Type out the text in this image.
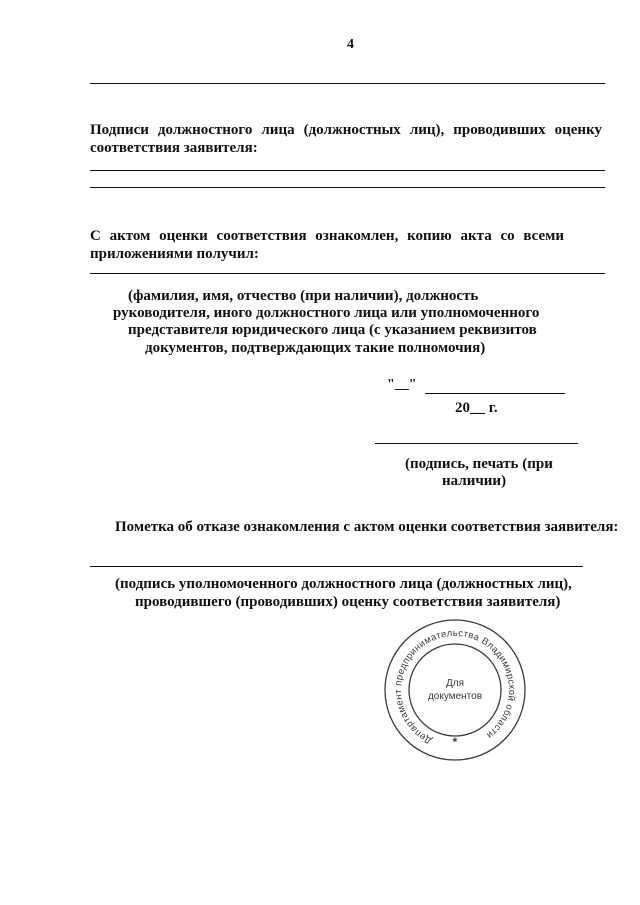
4
Подписи должностного лица (должностных лиц), проводивших оценку
соответствия заявителя:
С актом оценки соответствия ознакомлен, копию акта со всеми
приложениями получил:
(фамилия, имя, отчество (при наличии), должность
руководителя, иного должностного лица или уполномоченного
представителя юридического лица (с указанием реквизитов
документов, подтверждающих такие полномочия)
"__"
20__ г.
(подпись, печать (при
наличии)
Пометка об отказе ознакомления с актом оценки соответствия заявителя:
(подпись уполномоченного должностного лица (должностных лиц),
проводившего (проводивших) оценку соответствия заявителя)
Департамент предпринимательства Владимирской области
Для
документов
*
